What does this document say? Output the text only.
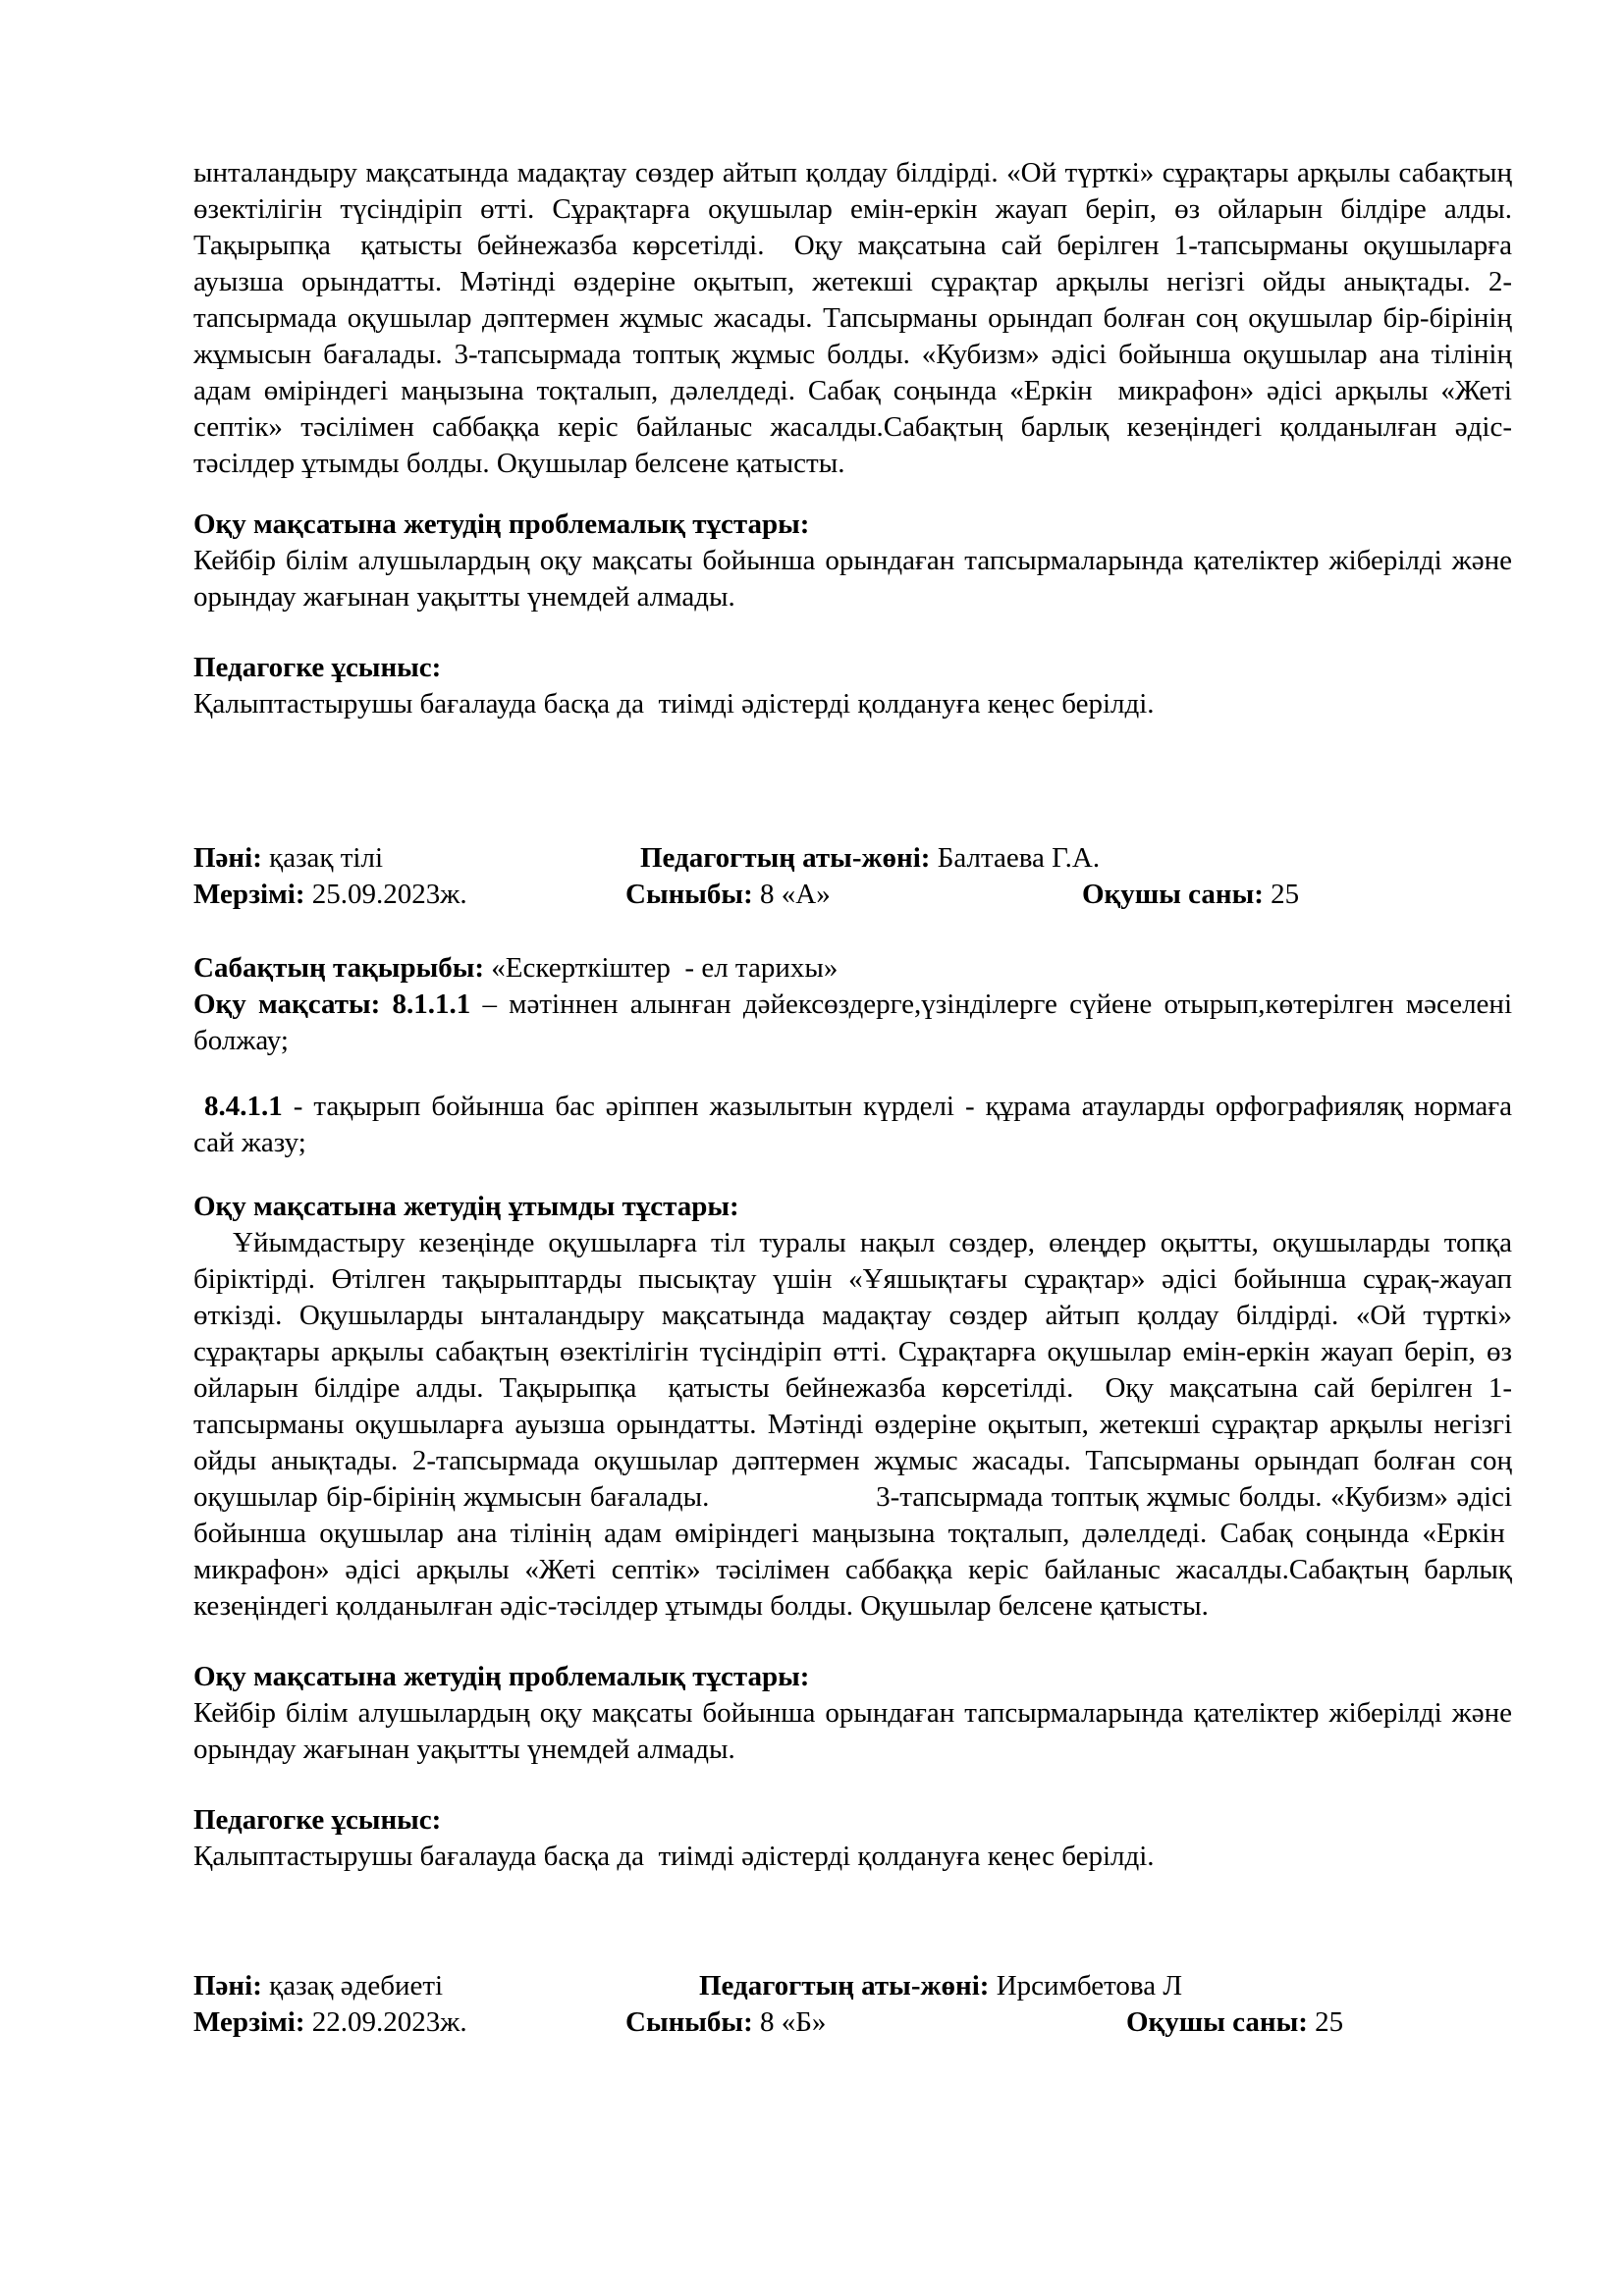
ынталандыру мақсатында мадақтау сөздер айтып қолдау білдірді. «Ой түрткі» сұрақтары арқылы сабақтың өзектілігін түсіндіріп өтті. Сұрақтарға оқушылар емін-еркін жауап беріп, өз ойларын білдіре алды. Тақырыпқа  қатысты бейнежазба көрсетілді.  Оқу мақсатына сай берілген 1-тапсырманы оқушыларға ауызша орындатты. Мәтінді өздеріне оқытып, жетекші сұрақтар арқылы негізгі ойды анықтады. 2-тапсырмада оқушылар дәптермен жұмыс жасады. Тапсырманы орындап болған соң оқушылар бір-бірінің жұмысын бағалады. 3-тапсырмада топтық жұмыс болды. «Кубизм» әдісі бойынша оқушылар ана тілінің адам өміріндегі маңызына тоқталып, дәлелдеді. Сабақ соңында «Еркін  микрафон» әдісі арқылы «Жеті септік» тәсілімен саббаққа керіс байланыс жасалды.Сабақтың барлық кезеңіндегі қолданылған әдіс-тәсілдер ұтымды болды. Оқушылар белсене қатысты.

Оқу мақсатына жетудің проблемалық тұстары:

Кейбір білім алушылардың оқу мақсаты бойынша орындаған тапсырмаларында қателіктер жіберілді және орындау жағынан уақытты үнемдей алмады.

Педагогке ұсыныс:

Қалыптастырушы бағалауда басқа да  тиімді әдістерді қолдануға кеңес берілді.

Пәні: қазақ тілі	Педагогтың аты-жөні: Балтаева Г.А.
Мерзімі: 25.09.2023ж.	Сыныбы: 8 «А»	Оқушы саны: 25

Сабақтың тақырыбы: «Ескерткіштер  - ел тарихы»

Оқу мақсаты: 8.1.1.1 – мәтіннен алынған дәйексөздерге,үзінділерге сүйене отырып,көтерілген мәселені болжау;

8.4.1.1 - тақырып бойынша бас әріппен жазылытын күрделі - құрама атауларды орфографияляқ нормаға сай жазу;

Оқу мақсатына жетудің ұтымды тұстары:

Ұйымдастыру кезеңінде оқушыларға тіл туралы нақыл сөздер, өлеңдер оқытты, оқушыларды топқа біріктірді. Өтілген тақырыптарды пысықтау үшін «Ұяшықтағы сұрақтар» әдісі бойынша сұрақ-жауап өткізді. Оқушыларды ынталандыру мақсатында мадақтау сөздер айтып қолдау білдірді. «Ой түрткі» сұрақтары арқылы сабақтың өзектілігін түсіндіріп өтті. Сұрақтарға оқушылар емін-еркін жауап беріп, өз ойларын білдіре алды. Тақырыпқа  қатысты бейнежазба көрсетілді.  Оқу мақсатына сай берілген 1-тапсырманы оқушыларға ауызша орындатты. Мәтінді өздеріне оқытып, жетекші сұрақтар арқылы негізгі ойды анықтады. 2-тапсырмада оқушылар дәптермен жұмыс жасады. Тапсырманы орындап болған соң оқушылар бір-бірінің жұмысын бағалады.                    3-тапсырмада топтық жұмыс болды. «Кубизм» әдісі бойынша оқушылар ана тілінің адам өміріндегі маңызына тоқталып, дәлелдеді. Сабақ соңында «Еркін  микрафон» әдісі арқылы «Жеті септік» тәсілімен саббаққа керіс байланыс жасалды.Сабақтың барлық кезеңіндегі қолданылған әдіс-тәсілдер ұтымды болды. Оқушылар белсене қатысты.

Оқу мақсатына жетудің проблемалық тұстары:

Кейбір білім алушылардың оқу мақсаты бойынша орындаған тапсырмаларында қателіктер жіберілді және орындау жағынан уақытты үнемдей алмады.

Педагогке ұсыныс:

Қалыптастырушы бағалауда басқа да  тиімді әдістерді қолдануға кеңес берілді.

Пәні: қазақ әдебиеті	Педагогтың аты-жөні: Ирсимбетова Л
Мерзімі: 22.09.2023ж.	Сыныбы: 8 «Б»	Оқушы саны: 25
